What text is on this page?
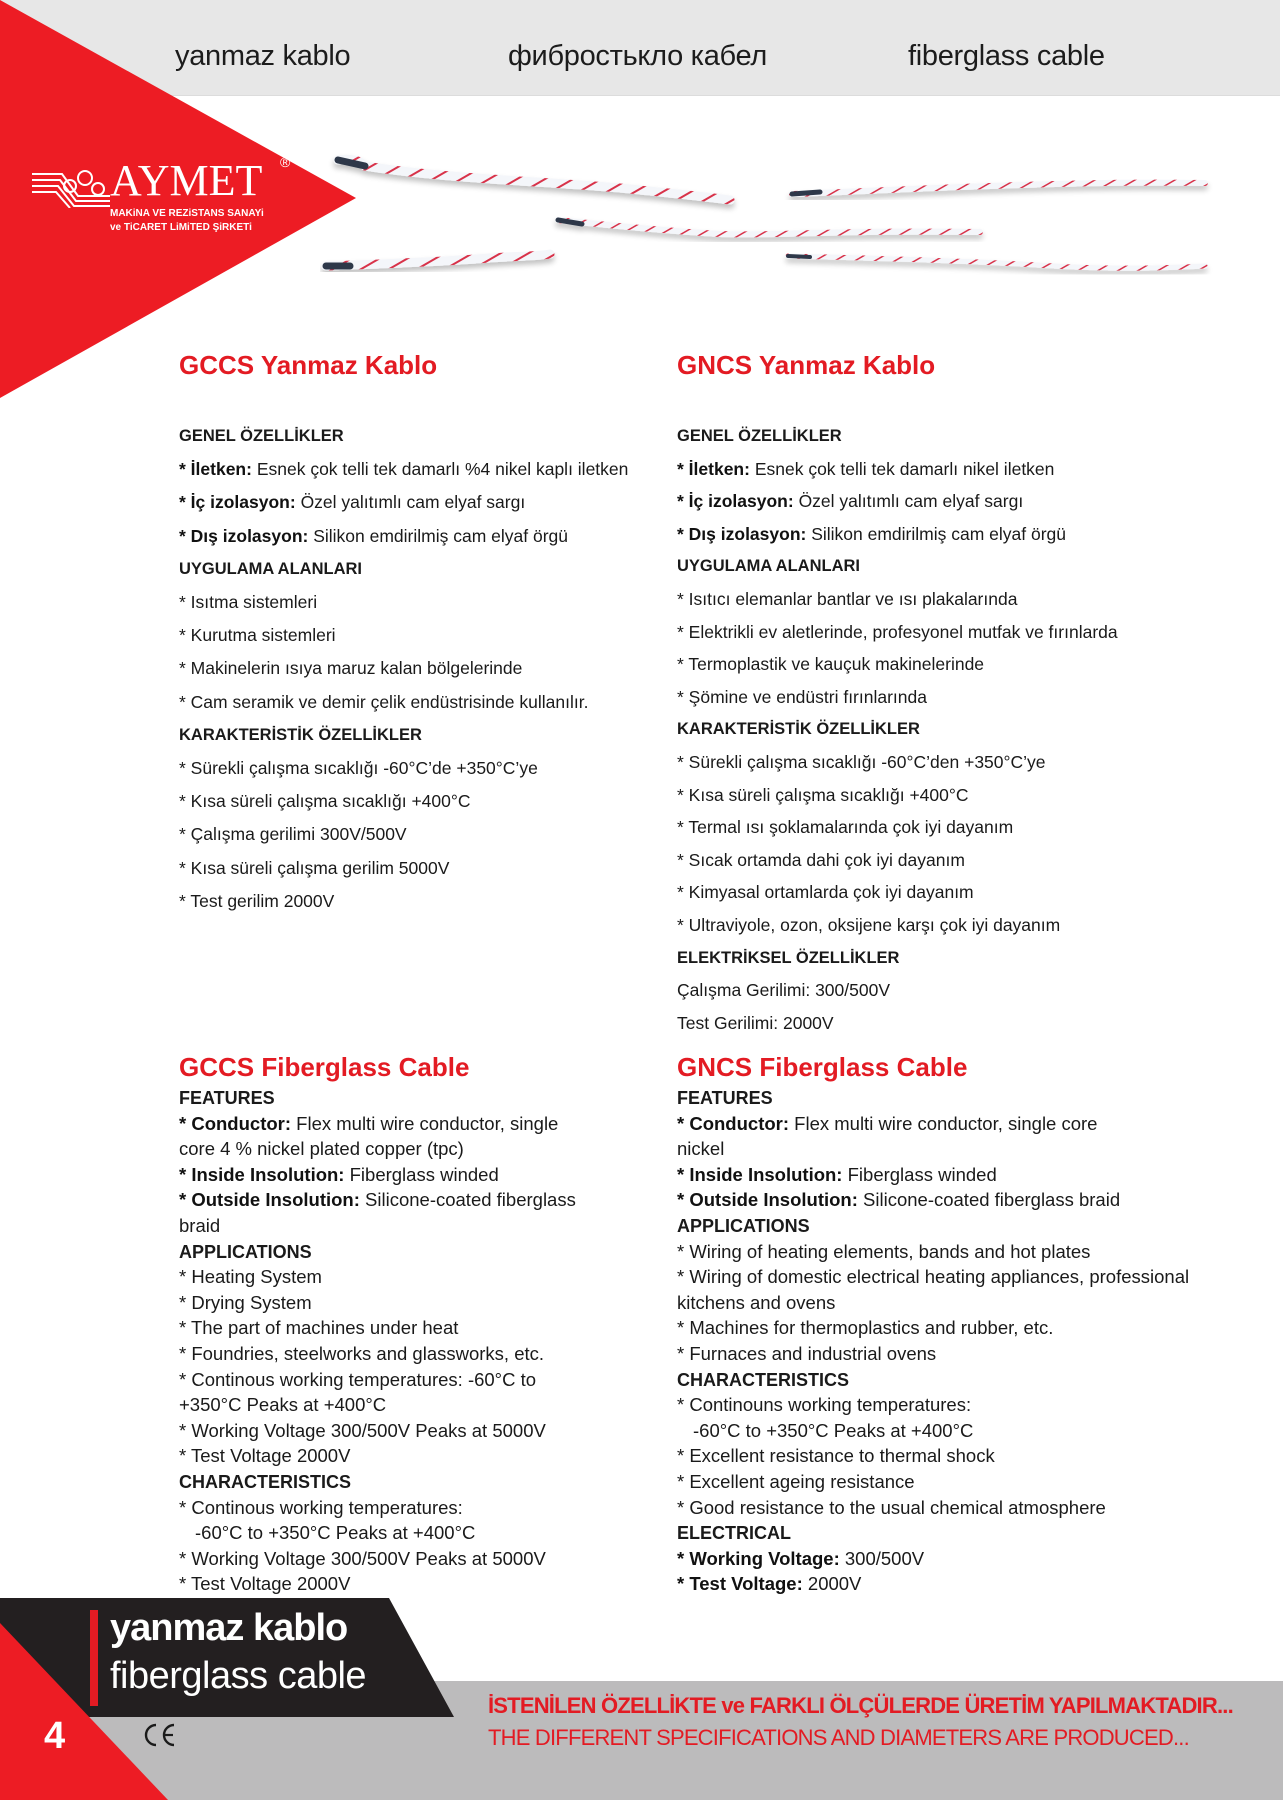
yanmaz kablo	фибростькло кабел	fiberglass cable
AYMET ®
MAKiNA VE REZiSTANS SANAYi
ve TiCARET LiMiTED ŞiRKETi
GCCS Yanmaz Kablo
GENEL ÖZELLİKLER
* İletken: Esnek çok telli tek damarlı %4 nikel kaplı iletken
* İç izolasyon: Özel yalıtımlı cam elyaf sargı
* Dış izolasyon: Silikon emdirilmiş cam elyaf örgü
UYGULAMA ALANLARI
* Isıtma sistemleri
* Kurutma sistemleri
* Makinelerin ısıya maruz kalan bölgelerinde
* Cam seramik ve demir çelik endüstrisinde kullanılır.
KARAKTERİSTİK ÖZELLİKLER
* Sürekli çalışma sıcaklığı -60°C’de +350°C’ye
* Kısa süreli çalışma sıcaklığı +400°C
* Çalışma gerilimi 300V/500V
* Kısa süreli çalışma gerilim 5000V
* Test gerilim 2000V
GNCS Yanmaz Kablo
GENEL ÖZELLİKLER
* İletken: Esnek çok telli tek damarlı nikel iletken
* İç izolasyon: Özel yalıtımlı cam elyaf sargı
* Dış izolasyon: Silikon emdirilmiş cam elyaf örgü
UYGULAMA ALANLARI
* Isıtıcı elemanlar bantlar ve ısı plakalarında
* Elektrikli ev aletlerinde, profesyonel mutfak ve fırınlarda
* Termoplastik ve kauçuk makinelerinde
* Şömine ve endüstri fırınlarında
KARAKTERİSTİK ÖZELLİKLER
* Sürekli çalışma sıcaklığı -60°C’den +350°C’ye
* Kısa süreli çalışma sıcaklığı +400°C
* Termal ısı şoklamalarında çok iyi dayanım
* Sıcak ortamda dahi çok iyi dayanım
* Kimyasal ortamlarda çok iyi dayanım
* Ultraviyole, ozon, oksijene karşı çok iyi dayanım
ELEKTRİKSEL ÖZELLİKLER
Çalışma Gerilimi: 300/500V
Test Gerilimi: 2000V
GCCS Fiberglass Cable
FEATURES
* Conductor: Flex multi wire conductor, single
core 4 % nickel plated copper (tpc)
* Inside Insolution: Fiberglass winded
* Outside Insolution: Silicone-coated fiberglass
braid
APPLICATIONS
* Heating System
* Drying System
* The part of machines under heat
* Foundries, steelworks and glassworks, etc.
* Continous working temperatures: -60°C to
+350°C Peaks at +400°C
* Working Voltage 300/500V Peaks at 5000V
* Test Voltage 2000V
CHARACTERISTICS
* Continous working temperatures:
-60°C to +350°C Peaks at +400°C
* Working Voltage 300/500V Peaks at 5000V
* Test Voltage 2000V
GNCS Fiberglass Cable
FEATURES
* Conductor: Flex multi wire conductor, single core
nickel
* Inside Insolution: Fiberglass winded
* Outside Insolution: Silicone-coated fiberglass braid
APPLICATIONS
* Wiring of heating elements, bands and hot plates
* Wiring of domestic electrical heating appliances, professional
kitchens and ovens
* Machines for thermoplastics and rubber, etc.
* Furnaces and industrial ovens
CHARACTERISTICS
* Continouns working temperatures:
-60°C to +350°C Peaks at +400°C
* Excellent resistance to thermal shock
* Excellent ageing resistance
* Good resistance to the usual chemical atmosphere
ELECTRICAL
* Working Voltage: 300/500V
* Test Voltage: 2000V
yanmaz kablo
fiberglass cable
4
İSTENİLEN ÖZELLİKTE ve FARKLI ÖLÇÜLERDE ÜRETİM YAPILMAKTADIR...
THE DIFFERENT SPECIFICATIONS AND DIAMETERS ARE PRODUCED...
